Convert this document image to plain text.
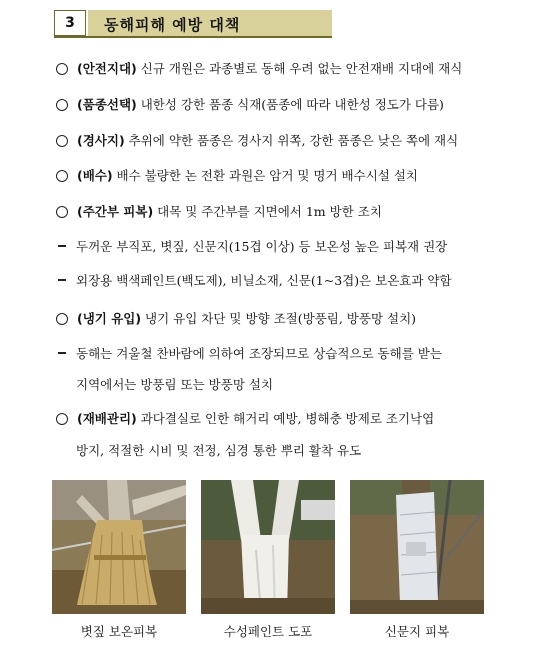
3	동해피해 예방 대책
(안전지대) 신규 개원은 과종별로 동해 우려 없는 안전재배 지대에 재식
(품종선택) 내한성 강한 품종 식재(품종에 따라 내한성 정도가 다름)
(경사지) 추위에 약한 품종은 경사지 위쪽, 강한 품종은 낮은 쪽에 재식
(배수) 배수 불량한 논 전환 과원은 암거 및 명거 배수시설 설치
(주간부 피복) 대목 및 주간부를 지면에서 1m 방한 조치
두꺼운 부직포, 볏짚, 신문지(15겹 이상) 등 보온성 높은 피복재 권장
외장용 백색페인트(백도제), 비닐소재, 신문(1~3겹)은 보온효과 약함
(냉기 유입) 냉기 유입 차단 및 방향 조절(방풍림, 방풍망 설치)
동해는 겨울철 찬바람에 의하여 조장되므로 상습적으로 동해를 받는
지역에서는 방풍림 또는 방풍망 설치
(재배관리) 과다결실로 인한 해거리 예방, 병해충 방제로 조기낙엽
방지, 적절한 시비 및 전정, 심경 통한 뿌리 활착 유도
볏짚 보온피복	수성페인트 도포	신문지 피복
